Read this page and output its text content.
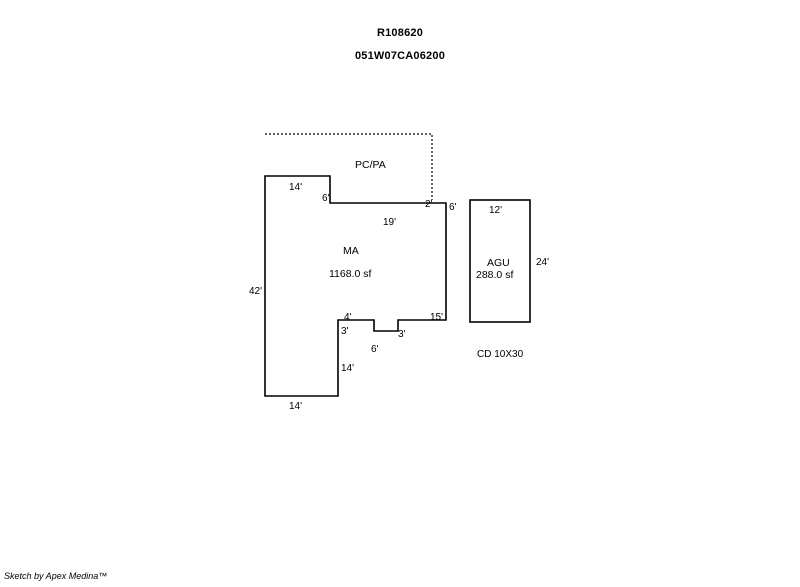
R108620
051W07CA06200
PC/PA
MA
1168.0 sf
AGU
288.0 sf
CD 10X30
14'
6'
19'
2' 6'	12'
24'
42'
4'
3'	3'
15'
6'
14'
14'
Sketch by Apex Medina™
